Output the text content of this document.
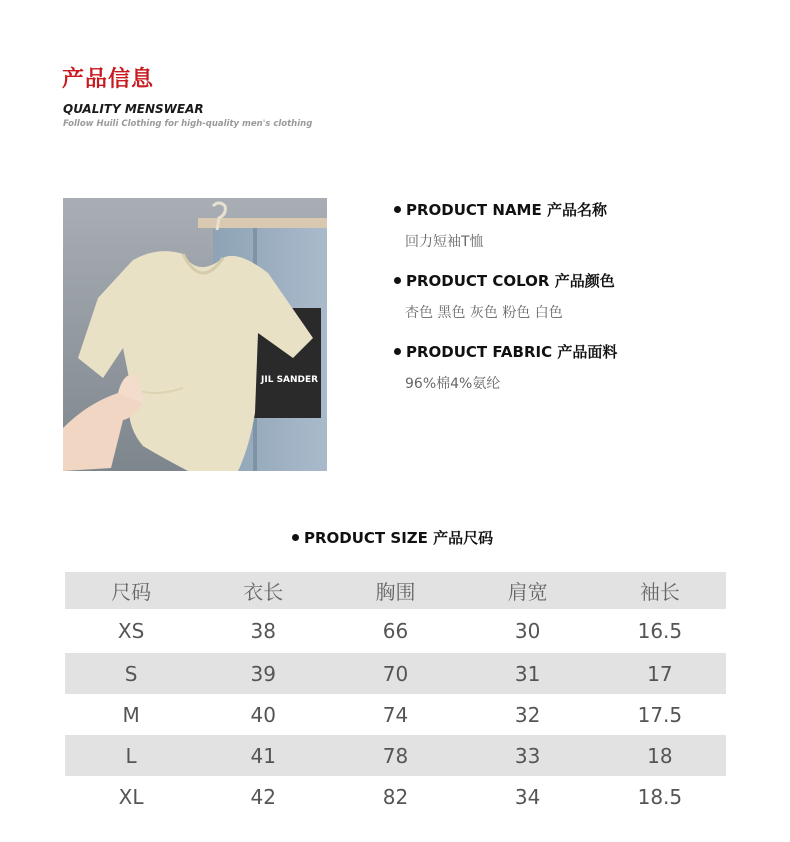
产品信息
QUALITY MENSWEAR
Follow Huili Clothing for high-quality men's clothing
JIL SANDER
PRODUCT NAME 产品名称
回力短袖T恤
PRODUCT COLOR 产品颜色
杏色 黑色 灰色 粉色 白色
PRODUCT FABRIC 产品面料
96%棉4%氨纶
PRODUCT SIZE 产品尺码
尺码	衣长	胸围	肩宽	袖长
XS	38	66	30	16.5
S	39	70	31	17
M	40	74	32	17.5
L	41	78	33	18
XL	42	82	34	18.5
